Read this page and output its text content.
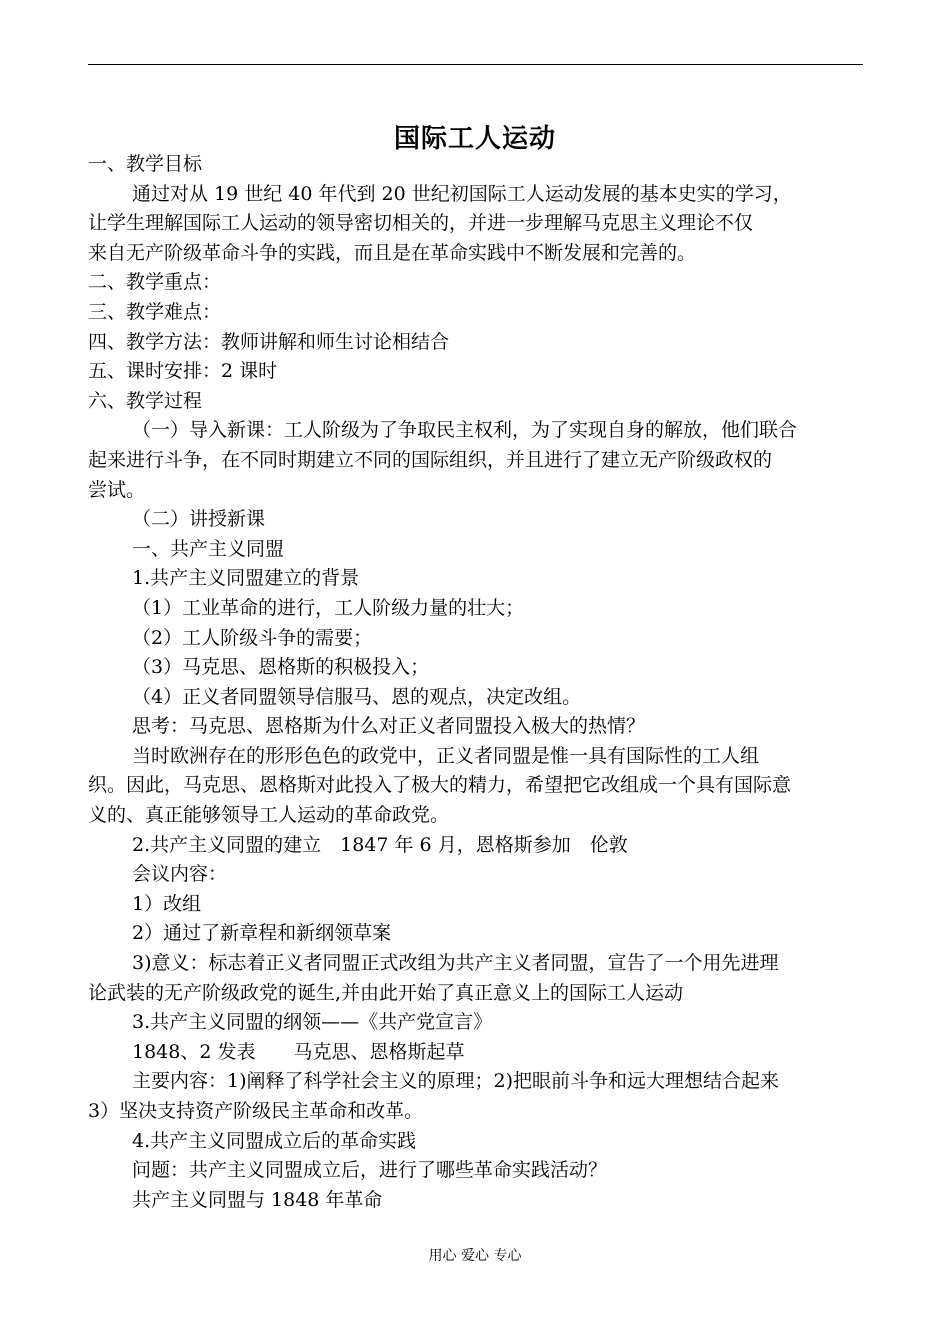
国际工人运动

一、教学目标

通过对从 19 世纪 40 年代到 20 世纪初国际工人运动发展的基本史实的学习，

让学生理解国际工人运动的领导密切相关的，并进一步理解马克思主义理论不仅

来自无产阶级革命斗争的实践，而且是在革命实践中不断发展和完善的。

二、教学重点：

三、教学难点：

四、教学方法：教师讲解和师生讨论相结合

五、课时安排：2 课时

六、教学过程

（一）导入新课：工人阶级为了争取民主权利，为了实现自身的解放，他们联合

起来进行斗争，在不同时期建立不同的国际组织，并且进行了建立无产阶级政权的

尝试。

（二）讲授新课

一、共产主义同盟

1.共产主义同盟建立的背景

（1）工业革命的进行，工人阶级力量的壮大；

（2）工人阶级斗争的需要；

（3）马克思、恩格斯的积极投入；

（4）正义者同盟领导信服马、恩的观点，决定改组。

思考：马克思、恩格斯为什么对正义者同盟投入极大的热情？

当时欧洲存在的形形色色的政党中，正义者同盟是惟一具有国际性的工人组

织。因此，马克思、恩格斯对此投入了极大的精力，希望把它改组成一个具有国际意

义的、真正能够领导工人运动的革命政党。

2.共产主义同盟的建立　1847 年 6 月，恩格斯参加　伦敦

会议内容：

1）改组

2）通过了新章程和新纲领草案

3)意义：标志着正义者同盟正式改组为共产主义者同盟，宣告了一个用先进理

论武装的无产阶级政党的诞生,并由此开始了真正意义上的国际工人运动

3.共产主义同盟的纲领——《共产党宣言》

1848、2 发表　　马克思、恩格斯起草

主要内容：1)阐释了科学社会主义的原理；2)把眼前斗争和远大理想结合起来

3）坚决支持资产阶级民主革命和改革。

4.共产主义同盟成立后的革命实践

问题：共产主义同盟成立后，进行了哪些革命实践活动？

共产主义同盟与 1848 年革命

用心 爱心 专心
